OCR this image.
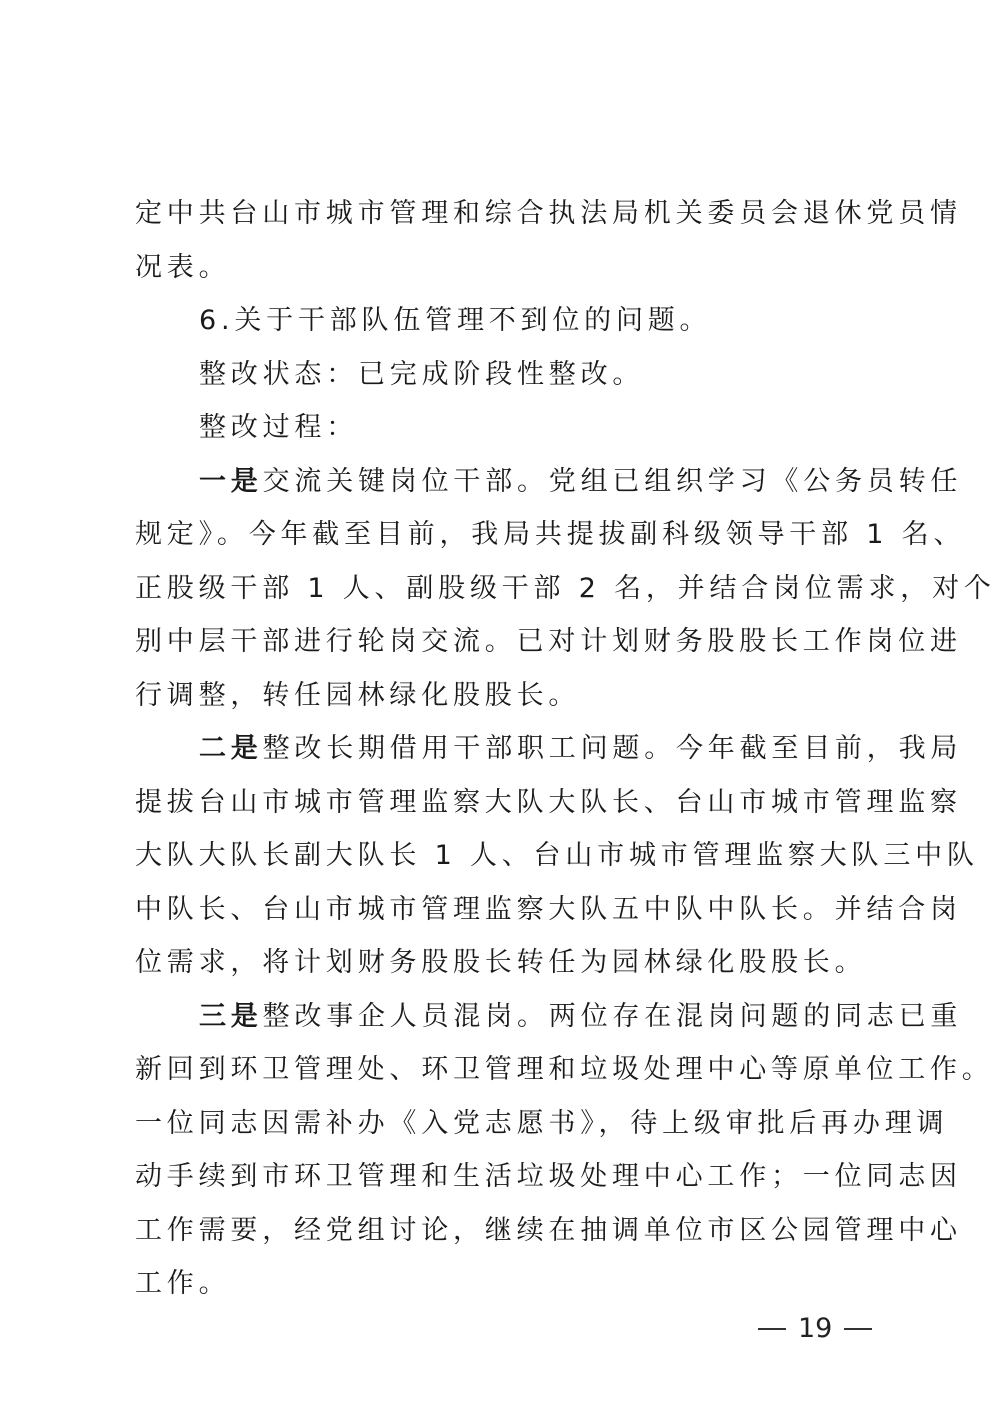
定中共台山市城市管理和综合执法局机关委员会退休党员情
况表。
6.关于干部队伍管理不到位的问题。
整改状态：已完成阶段性整改。
整改过程：
一是交流关键岗位干部。党组已组织学习《公务员转任
规定》。今年截至目前，我局共提拔副科级领导干部 1 名、
正股级干部 1 人、副股级干部 2 名，并结合岗位需求，对个
别中层干部进行轮岗交流。已对计划财务股股长工作岗位进
行调整，转任园林绿化股股长。
二是整改长期借用干部职工问题。今年截至目前，我局
提拔台山市城市管理监察大队大队长、台山市城市管理监察
大队大队长副大队长 1 人、台山市城市管理监察大队三中队
中队长、台山市城市管理监察大队五中队中队长。并结合岗
位需求，将计划财务股股长转任为园林绿化股股长。
三是整改事企人员混岗。两位存在混岗问题的同志已重
新回到环卫管理处、环卫管理和垃圾处理中心等原单位工作。
一位同志因需补办《入党志愿书》，待上级审批后再办理调
动手续到市环卫管理和生活垃圾处理中心工作；一位同志因
工作需要，经党组讨论，继续在抽调单位市区公园管理中心
工作。
19
